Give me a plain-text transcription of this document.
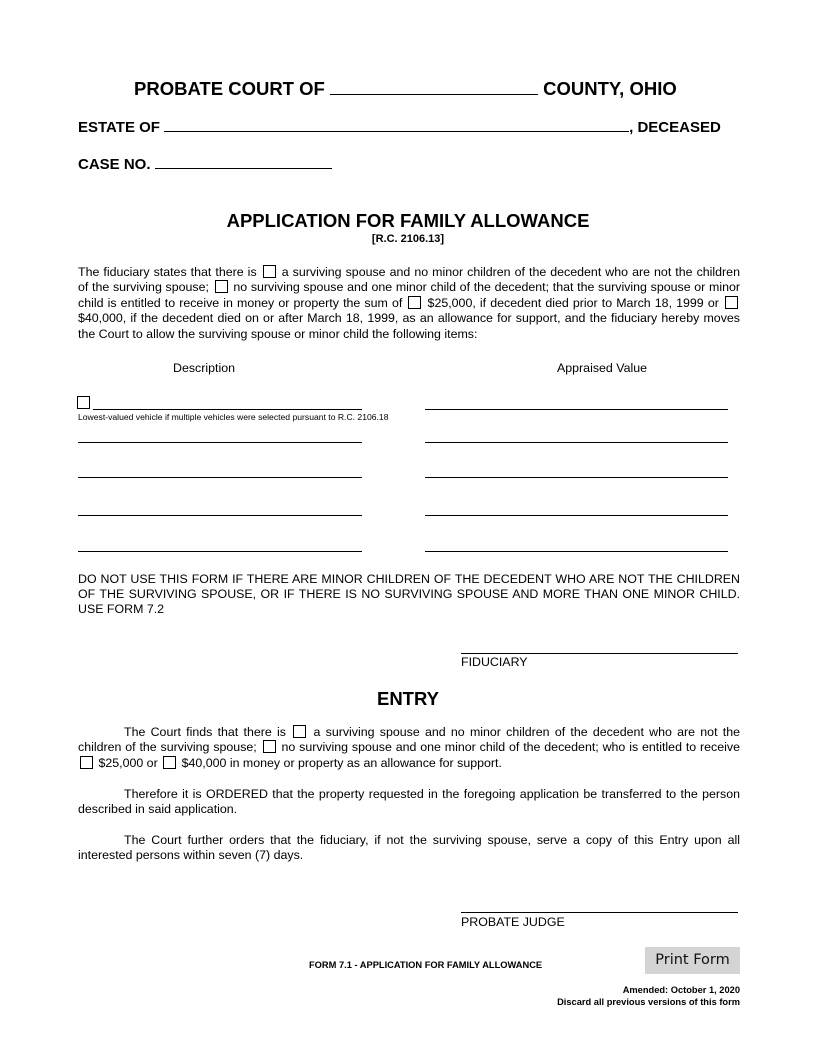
PROBATE COURT OF	COUNTY, OHIO
ESTATE OF	, DECEASED
CASE NO.
APPLICATION FOR FAMILY ALLOWANCE
[R.C. 2106.13]
The fiduciary states that there is a surviving spouse and no minor children of the decedent who are not the children of the surviving spouse; no surviving spouse and one minor child of the decedent; that the surviving spouse or minor child is entitled to receive in money or property the sum of $25,000, if decedent died prior to March 18, 1999 or  $40,000, if the decedent died on or after March 18, 1999, as an allowance for support, and the fiduciary hereby moves the Court to allow the surviving spouse or minor child the following items:
Description	Appraised Value
Lowest-valued vehicle if multiple vehicles were selected pursuant to R.C. 2106.18
DO NOT USE THIS FORM IF THERE ARE MINOR CHILDREN OF THE DECEDENT WHO ARE NOT THE CHILDREN OF THE SURVIVING SPOUSE, OR IF THERE IS NO SURVIVING SPOUSE AND MORE THAN ONE MINOR CHILD. USE FORM 7.2
FIDUCIARY
ENTRY
The Court finds that there is a surviving spouse and no minor children of the decedent who are not the children of the surviving spouse; no surviving spouse and one minor child of the decedent; who is entitled to receive  $25,000 or $40,000 in money or property as an allowance for support.
Therefore it is ORDERED that the property requested in the foregoing application be transferred to the person described in said application.
The Court further orders that the fiduciary, if not the surviving spouse, serve a copy of this Entry upon all interested persons within seven (7) days.
PROBATE JUDGE
FORM 7.1 - APPLICATION FOR FAMILY ALLOWANCE	Print Form
Amended: October 1, 2020
Discard all previous versions of this form
